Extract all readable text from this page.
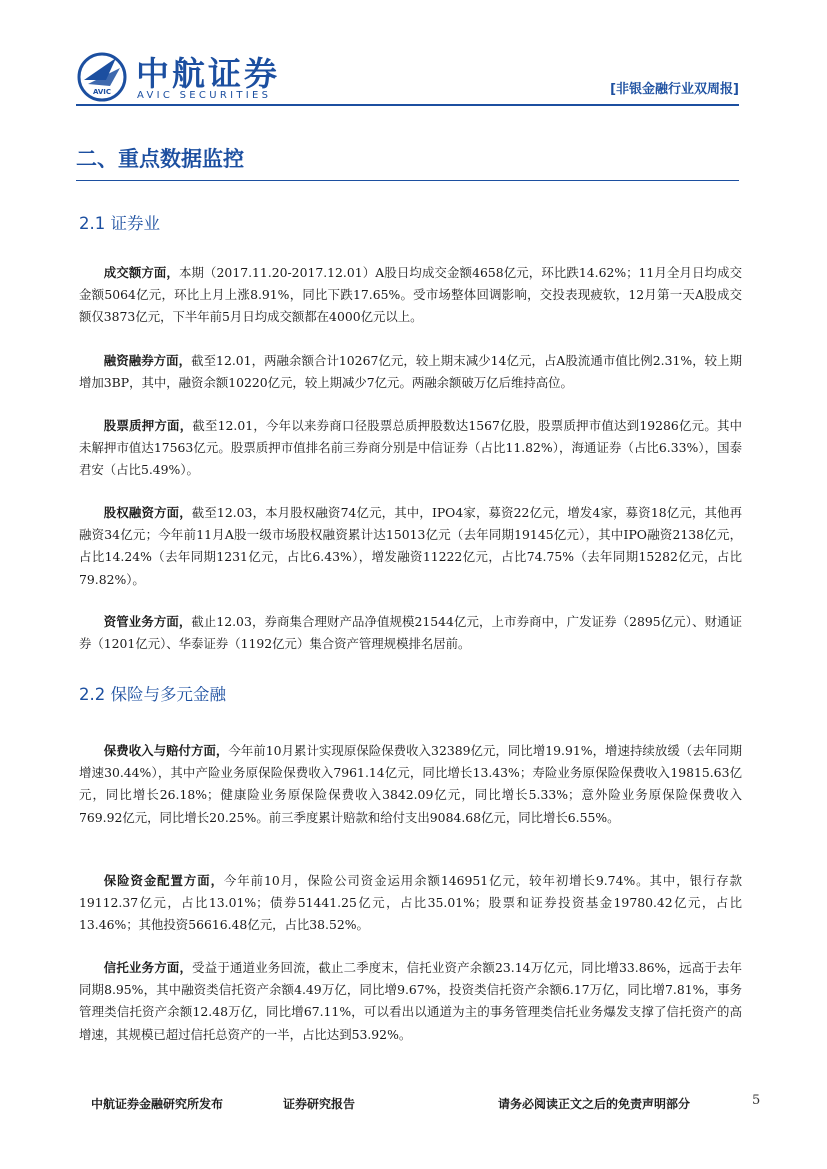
AVIC 中航证券
AVIC SECURITIES	[非银金融行业双周报]
二、重点数据监控
2.1 证券业

成交额方面，本期（2017.11.20-2017.12.01）A股日均成交金额4658亿元，环比跌14.62%；11月全月日均成交金额5064亿元，环比上月上涨8.91%，同比下跌17.65%。受市场整体回调影响，交投表现疲软，12月第一天A股成交额仅3873亿元，下半年前5月日均成交额都在4000亿元以上。

融资融券方面，截至12.01，两融余额合计10267亿元，较上期末减少14亿元，占A股流通市值比例2.31%，较上期增加3BP，其中，融资余额10220亿元，较上期减少7亿元。两融余额破万亿后维持高位。

股票质押方面，截至12.01，今年以来券商口径股票总质押股数达1567亿股，股票质押市值达到19286亿元。其中未解押市值达17563亿元。股票质押市值排名前三券商分别是中信证券（占比11.82%），海通证券（占比6.33%），国泰君安（占比5.49%）。

股权融资方面，截至12.03，本月股权融资74亿元，其中，IPO4家，募资22亿元，增发4家，募资18亿元，其他再融资34亿元；今年前11月A股一级市场股权融资累计达15013亿元（去年同期19145亿元），其中IPO融资2138亿元，占比14.24%（去年同期1231亿元，占比6.43%），增发融资11222亿元，占比74.75%（去年同期15282亿元，占比79.82%）。

资管业务方面，截止12.03，券商集合理财产品净值规模21544亿元，上市券商中，广发证券（2895亿元）、财通证券（1201亿元）、华泰证券（1192亿元）集合资产管理规模排名居前。

2.2 保险与多元金融

保费收入与赔付方面，今年前10月累计实现原保险保费收入32389亿元，同比增19.91%，增速持续放缓（去年同期增速30.44%），其中产险业务原保险保费收入7961.14亿元，同比增长13.43%；寿险业务原保险保费收入19815.63亿元，同比增长26.18%；健康险业务原保险保费收入3842.09亿元，同比增长5.33%；意外险业务原保险保费收入769.92亿元，同比增长20.25%。前三季度累计赔款和给付支出9084.68亿元，同比增长6.55%。

保险资金配置方面，今年前10月，保险公司资金运用余额146951亿元，较年初增长9.74%。其中，银行存款19112.37亿元，占比13.01%；债券51441.25亿元，占比35.01%；股票和证券投资基金19780.42亿元，占比13.46%；其他投资56616.48亿元，占比38.52%。

信托业务方面，受益于通道业务回流，截止二季度末，信托业资产余额23.14万亿元，同比增33.86%，远高于去年同期8.95%，其中融资类信托资产余额4.49万亿，同比增9.67%，投资类信托资产余额6.17万亿，同比增7.81%，事务管理类信托资产余额12.48万亿，同比增67.11%，可以看出以通道为主的事务管理类信托业务爆发支撑了信托资产的高增速，其规模已超过信托总资产的一半，占比达到53.92%。

中航证券金融研究所发布	证券研究报告	请务必阅读正文之后的免责声明部分	5
